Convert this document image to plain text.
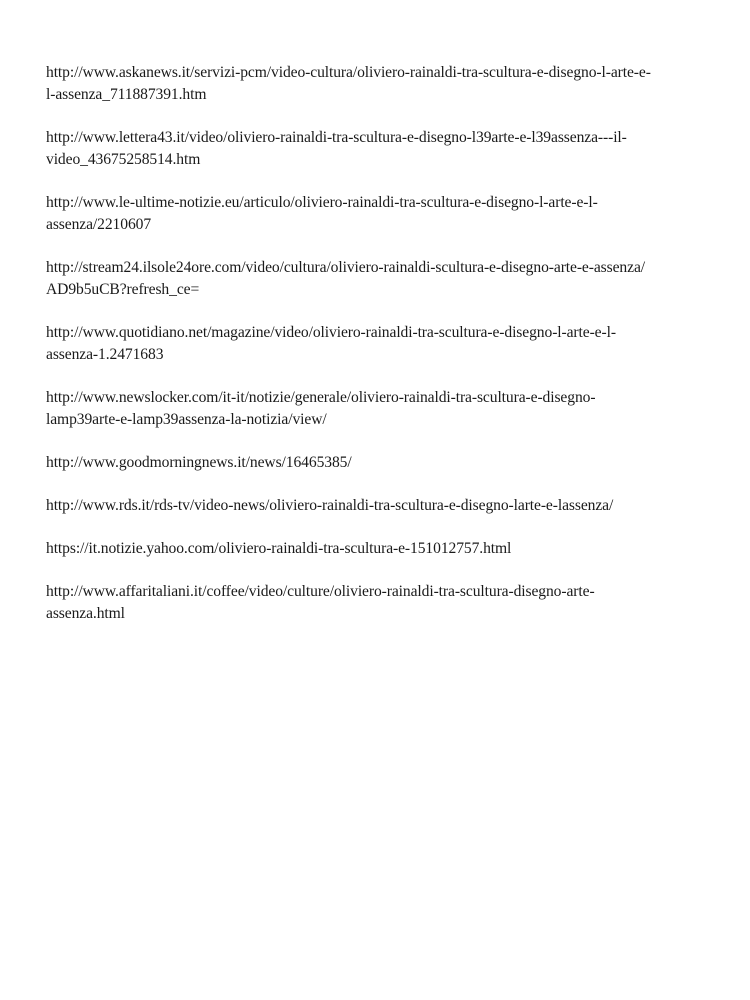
http://www.askanews.it/servizi-pcm/video-cultura/oliviero-rainaldi-tra-scultura-e-disegno-l-arte-e-
l-assenza_711887391.htm
http://www.lettera43.it/video/oliviero-rainaldi-tra-scultura-e-disegno-l39arte-e-l39assenza---il-
video_43675258514.htm
http://www.le-ultime-notizie.eu/articulo/oliviero-rainaldi-tra-scultura-e-disegno-l-arte-e-l-
assenza/2210607
http://stream24.ilsole24ore.com/video/cultura/oliviero-rainaldi-scultura-e-disegno-arte-e-assenza/
AD9b5uCB?refresh_ce=
http://www.quotidiano.net/magazine/video/oliviero-rainaldi-tra-scultura-e-disegno-l-arte-e-l-
assenza-1.2471683
http://www.newslocker.com/it-it/notizie/generale/oliviero-rainaldi-tra-scultura-e-disegno-
lamp39arte-e-lamp39assenza-la-notizia/view/
http://www.goodmorningnews.it/news/16465385/
http://www.rds.it/rds-tv/video-news/oliviero-rainaldi-tra-scultura-e-disegno-larte-e-lassenza/
https://it.notizie.yahoo.com/oliviero-rainaldi-tra-scultura-e-151012757.html
http://www.affaritaliani.it/coffee/video/culture/oliviero-rainaldi-tra-scultura-disegno-arte-
assenza.html
